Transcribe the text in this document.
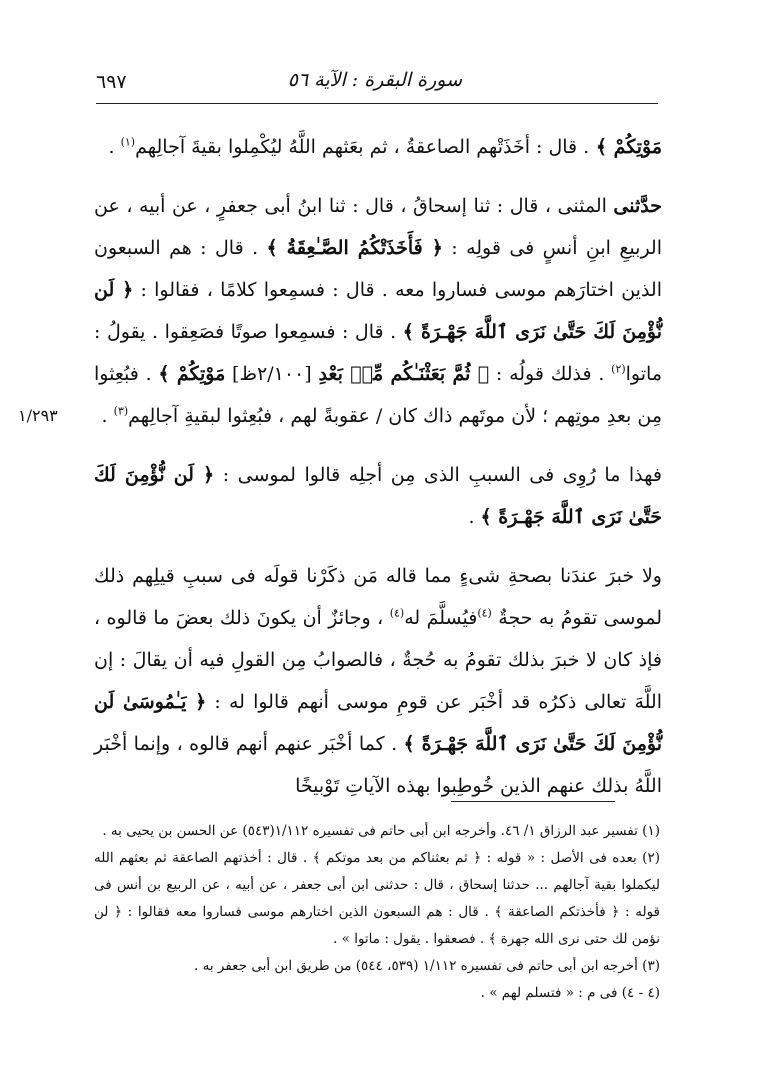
٦٩٧	سورة البقرة : الآية ٥٦
١/٢٩٣

مَوْتِكُمْ ﴾ . قال : أخَذَتْهم الصاعقةُ ، ثم بعَثهم اللَّهُ ليُكْمِلوا بقيةَ آجالِهم$^{(١)}$ .

حدَّثنى المثنى ، قال : ثنا إسحاقُ ، قال : ثنا ابنُ أبى جعفرٍ ، عن أبيه ، عن الربيعِ ابنِ أنسٍ فى قولِه : ﴿ فَأَخَذَتْكُمُ الصَّـٰعِقَةُ ﴾ . قال : هم السبعون الذين اختارَهم موسى فساروا معه . قال : فسمِعوا كلامًا ، فقالوا : ﴿ لَن نُّؤْمِنَ لَكَ حَتَّىٰ نَرَى ٱللَّهَ جَهْـرَةً ﴾ . قال : فسمِعوا صوتًا فصَعِقوا . يقولُ : ماتوا$^{(٢)}$ . فذلك قولُه : ﴿ ثُمَّ بَعَثْنَـٰكُم مِّنۢ بَعْدِ [٢/١٠٠ظ] مَوْتِكُمْ ﴾ . فبُعِثوا مِن بعدِ موتِهم ؛ لأن موتَهم ذاك كان / عقوبةً لهم ، فبُعِثوا لبقيةِ آجالِهم$^{(٣)}$ .

فهذا ما رُوِى فى السببِ الذى مِن أجلِه قالوا لموسى : ﴿ لَن نُّؤْمِنَ لَكَ حَتَّىٰ نَرَى ٱللَّهَ جَهْـرَةً ﴾ .

ولا خبرَ عندَنا بصحةِ شىءٍ مما قاله مَن ذكَرْنا قولَه فى سببِ قيلِهم ذلك لموسى تقومُ به حجةٌ $^{(٤)}$فيُسلَّمَ له$^{(٤)}$ ، وجائزٌ أن يكونَ ذلك بعضَ ما قالوه ، فإذ كان لا خبرَ بذلك تقومُ به حُجةٌ ، فالصوابُ مِن القولِ فيه أن يقالَ : إن اللَّهَ تعالى ذكرُه قد أخْبَر عن قومِ موسى أنهم قالوا له : ﴿ يَـٰمُوسَىٰ لَن نُّؤْمِنَ لَكَ حَتَّىٰ نَرَى ٱللَّهَ جَهْـرَةً ﴾ . كما أخْبَر عنهم أنهم قالوه ، وإنما أخْبَر اللَّهُ بذلك عنهم الذين خُوطِبوا بهذه الآياتِ تَوْبيخًا

(١) تفسير عبد الرزاق ١/ ٤٦. وأخرجه ابن أبى حاتم فى تفسيره ١/١١٢(٥٤٣) عن الحسن بن يحيى به .

(٢) بعده فى الأصل : « قوله : ﴿ ثم بعثناكم من بعد موتكم ﴾ . قال : أخذتهم الصاعقة ثم بعثهم الله ليكملوا بقية آجالهم ... حدثنا إسحاق ، قال : حدثنى ابن أبى جعفر ، عن أبيه ، عن الربيع بن أنس فى قوله : ﴿ فأخذتكم الصاعقة ﴾ . قال : هم السبعون الذين اختارهم موسى فساروا معه فقالوا : ﴿ لن نؤمن لك حتى نرى الله جهرة ﴾ . فصعقوا . يقول : ماتوا » .

(٣) أخرجه ابن أبى حاتم فى تفسيره ١/١١٢ (٥٣٩، ٥٤٤) من طريق ابن أبى جعفر به .

(٤ - ٤) فى م : « فتسلم لهم » .
